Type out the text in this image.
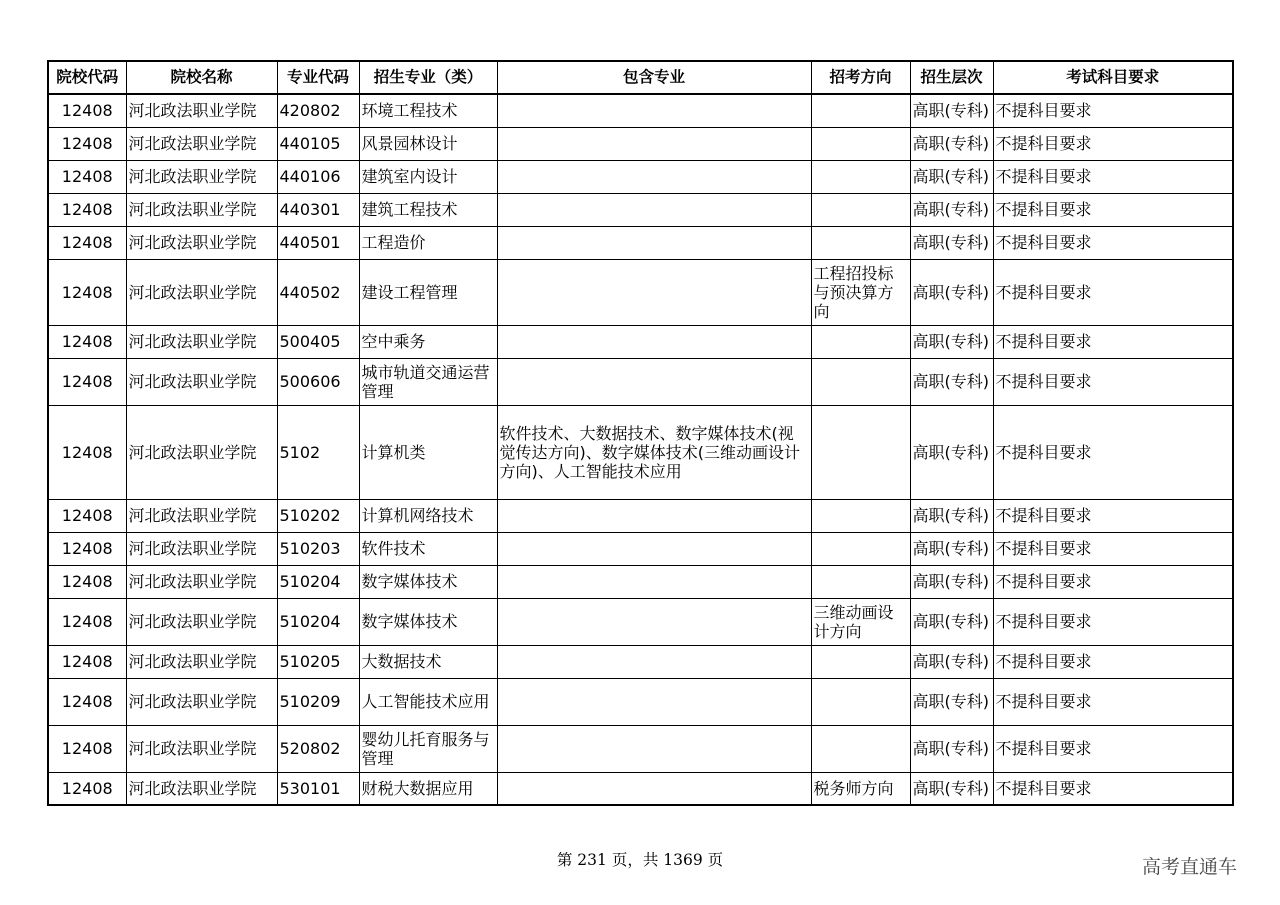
院校代码	院校名称	专业代码	招生专业（类）	包含专业	招考方向	招生层次	考试科目要求
12408	河北政法职业学院	420802	环境工程技术			高职(专科)	不提科目要求
12408	河北政法职业学院	440105	风景园林设计			高职(专科)	不提科目要求
12408	河北政法职业学院	440106	建筑室内设计			高职(专科)	不提科目要求
12408	河北政法职业学院	440301	建筑工程技术			高职(专科)	不提科目要求
12408	河北政法职业学院	440501	工程造价			高职(专科)	不提科目要求
12408	河北政法职业学院	440502	建设工程管理		工程招投标与预决算方向	高职(专科)	不提科目要求
12408	河北政法职业学院	500405	空中乘务			高职(专科)	不提科目要求
12408	河北政法职业学院	500606	城市轨道交通运营管理			高职(专科)	不提科目要求
12408	河北政法职业学院	5102	计算机类	软件技术、大数据技术、数字媒体技术(视觉传达方向)、数字媒体技术(三维动画设计方向)、人工智能技术应用		高职(专科)	不提科目要求
12408	河北政法职业学院	510202	计算机网络技术			高职(专科)	不提科目要求
12408	河北政法职业学院	510203	软件技术			高职(专科)	不提科目要求
12408	河北政法职业学院	510204	数字媒体技术			高职(专科)	不提科目要求
12408	河北政法职业学院	510204	数字媒体技术		三维动画设计方向	高职(专科)	不提科目要求
12408	河北政法职业学院	510205	大数据技术			高职(专科)	不提科目要求
12408	河北政法职业学院	510209	人工智能技术应用			高职(专科)	不提科目要求
12408	河北政法职业学院	520802	婴幼儿托育服务与管理			高职(专科)	不提科目要求
12408	河北政法职业学院	530101	财税大数据应用		税务师方向	高职(专科)	不提科目要求
第 231 页，共 1369 页	高考直通车
